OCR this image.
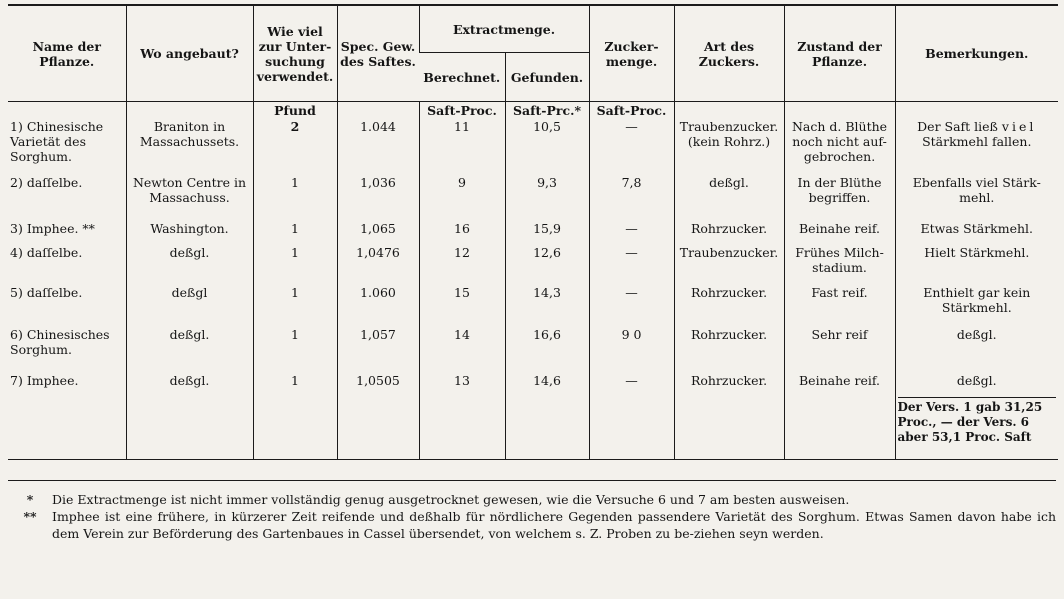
Name der Pflanze.	Wo angebaut?	Wie viel zur Unter-suchung verwendet.	Spec. Gew. des Saftes.	Extractmenge.		Zucker-menge.	Art des Zuckers.	Zustand der Pflanze.	Bemerkungen.
				Berechnet.	Gefunden.				
		Pfund		Saft-Proc.	Saft-Prc.*	Saft-Proc.			
1) Chinesische Varietät des Sorghum.	Braniton in Massachussets.	2	1.044	11	10,5	—	Traubenzucker. (kein Rohrz.)	Nach d. Blüthe noch nicht auf-gebrochen.	Der Saft ließ viel Stärkmehl fallen.
2) daſſelbe.	Newton Centre in Massachuss.	1	1,036	9	9,3	7,8	deßgl.	In der Blüthe begriffen.	Ebenfalls viel Stärk-mehl.
3) Imphee. **	Washington.	1	1,065	16	15,9	—	Rohrzucker.	Beinahe reif.	Etwas Stärkmehl.
4) daſſelbe.	deßgl.	1	1,0476	12	12,6	—	Traubenzucker.	Frühes Milch-stadium.	Hielt Stärkmehl.
5) daſſelbe.	deßgl	1	1.060	15	14,3	—	Rohrzucker.	Fast reif.	Enthielt gar kein Stärkmehl.
6) Chinesisches Sorghum.	deßgl.	1	1,057	14	16,6	9 0	Rohrzucker.	Sehr reif	deßgl.
7) Imphee.	deßgl.	1	1,0505	13	14,6	—	Rohrzucker.	Beinahe reif.	deßgl.
Der Vers. 1 gab 31,25 Proc., — der Vers. 6 aber 53,1 Proc. Saft
*	Die Extractmenge ist nicht immer vollständig genug ausgetrocknet gewesen, wie die Versuche 6 und 7 am besten ausweisen.
**	Imphee ist eine frühere, in kürzerer Zeit reifende und deßhalb für nördlichere Gegenden passendere Varietät des Sorghum. Etwas Samen davon habe ich dem Verein zur Beförderung des Gartenbaues in Cassel übersendet, von welchem s. Z. Proben zu be-ziehen seyn werden.
